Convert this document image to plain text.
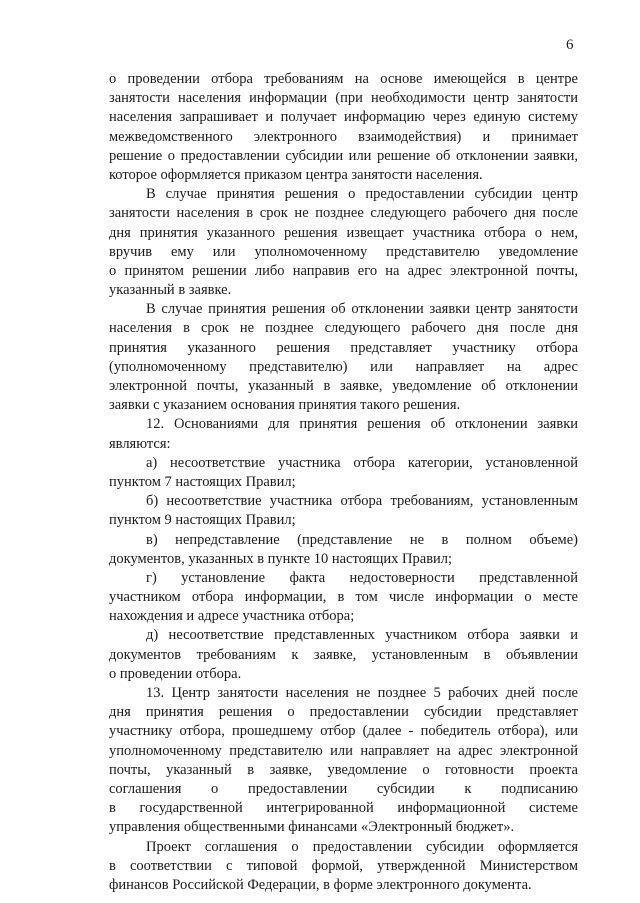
6
о проведении отбора требованиям на основе имеющейся в центре
занятости населения информации (при необходимости центр занятости
населения запрашивает и получает информацию через единую систему
межведомственного электронного взаимодействия) и принимает
решение о предоставлении субсидии или решение об отклонении заявки,
которое оформляется приказом центра занятости населения.
В случае принятия решения о предоставлении субсидии центр
занятости населения в срок не позднее следующего рабочего дня после
дня принятия указанного решения извещает участника отбора о нем,
вручив ему или уполномоченному представителю уведомление
о принятом решении либо направив его на адрес электронной почты,
указанный в заявке.
В случае принятия решения об отклонении заявки центр занятости
населения в срок не позднее следующего рабочего дня после дня
принятия указанного решения представляет участнику отбора
(уполномоченному представителю) или направляет на адрес
электронной почты, указанный в заявке, уведомление об отклонении
заявки с указанием основания принятия такого решения.
12. Основаниями для принятия решения об отклонении заявки
являются:
а) несоответствие участника отбора категории, установленной
пунктом 7 настоящих Правил;
б) несоответствие участника отбора требованиям, установленным
пунктом 9 настоящих Правил;
в) непредставление (представление не в полном объеме)
документов, указанных в пункте 10 настоящих Правил;
г) установление факта недостоверности представленной
участником отбора информации, в том числе информации о месте
нахождения и адресе участника отбора;
д) несоответствие представленных участником отбора заявки и
документов требованиям к заявке, установленным в объявлении
о проведении отбора.
13. Центр занятости населения не позднее 5 рабочих дней после
дня принятия решения о предоставлении субсидии представляет
участнику отбора, прошедшему отбор (далее - победитель отбора), или
уполномоченному представителю или направляет на адрес электронной
почты, указанный в заявке, уведомление о готовности проекта
соглашения о предоставлении субсидии к подписанию
в государственной интегрированной информационной системе
управления общественными финансами «Электронный бюджет».
Проект соглашения о предоставлении субсидии оформляется
в соответствии с типовой формой, утвержденной Министерством
финансов Российской Федерации, в форме электронного документа.
